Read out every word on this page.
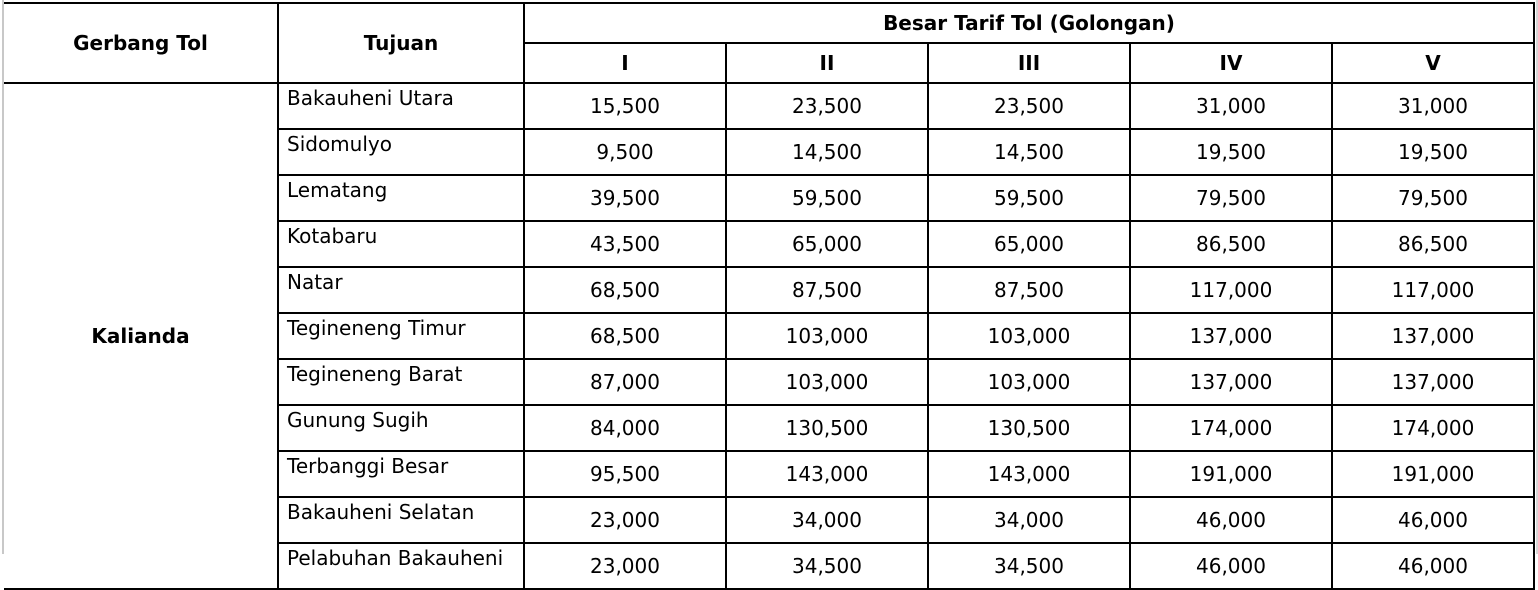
Gerbang Tol	Tujuan	Besar Tarif Tol (Golongan)				
		I	II	III	IV	V
Kalianda	Bakauheni Utara	15,500	23,500	23,500	31,000	31,000
	Sidomulyo	9,500	14,500	14,500	19,500	19,500
	Lematang	39,500	59,500	59,500	79,500	79,500
	Kotabaru	43,500	65,000	65,000	86,500	86,500
	Natar	68,500	87,500	87,500	117,000	117,000
	Tegineneng Timur	68,500	103,000	103,000	137,000	137,000
	Tegineneng Barat	87,000	103,000	103,000	137,000	137,000
	Gunung Sugih	84,000	130,500	130,500	174,000	174,000
	Terbanggi Besar	95,500	143,000	143,000	191,000	191,000
	Bakauheni Selatan	23,000	34,000	34,000	46,000	46,000
	Pelabuhan Bakauheni	23,000	34,500	34,500	46,000	46,000
